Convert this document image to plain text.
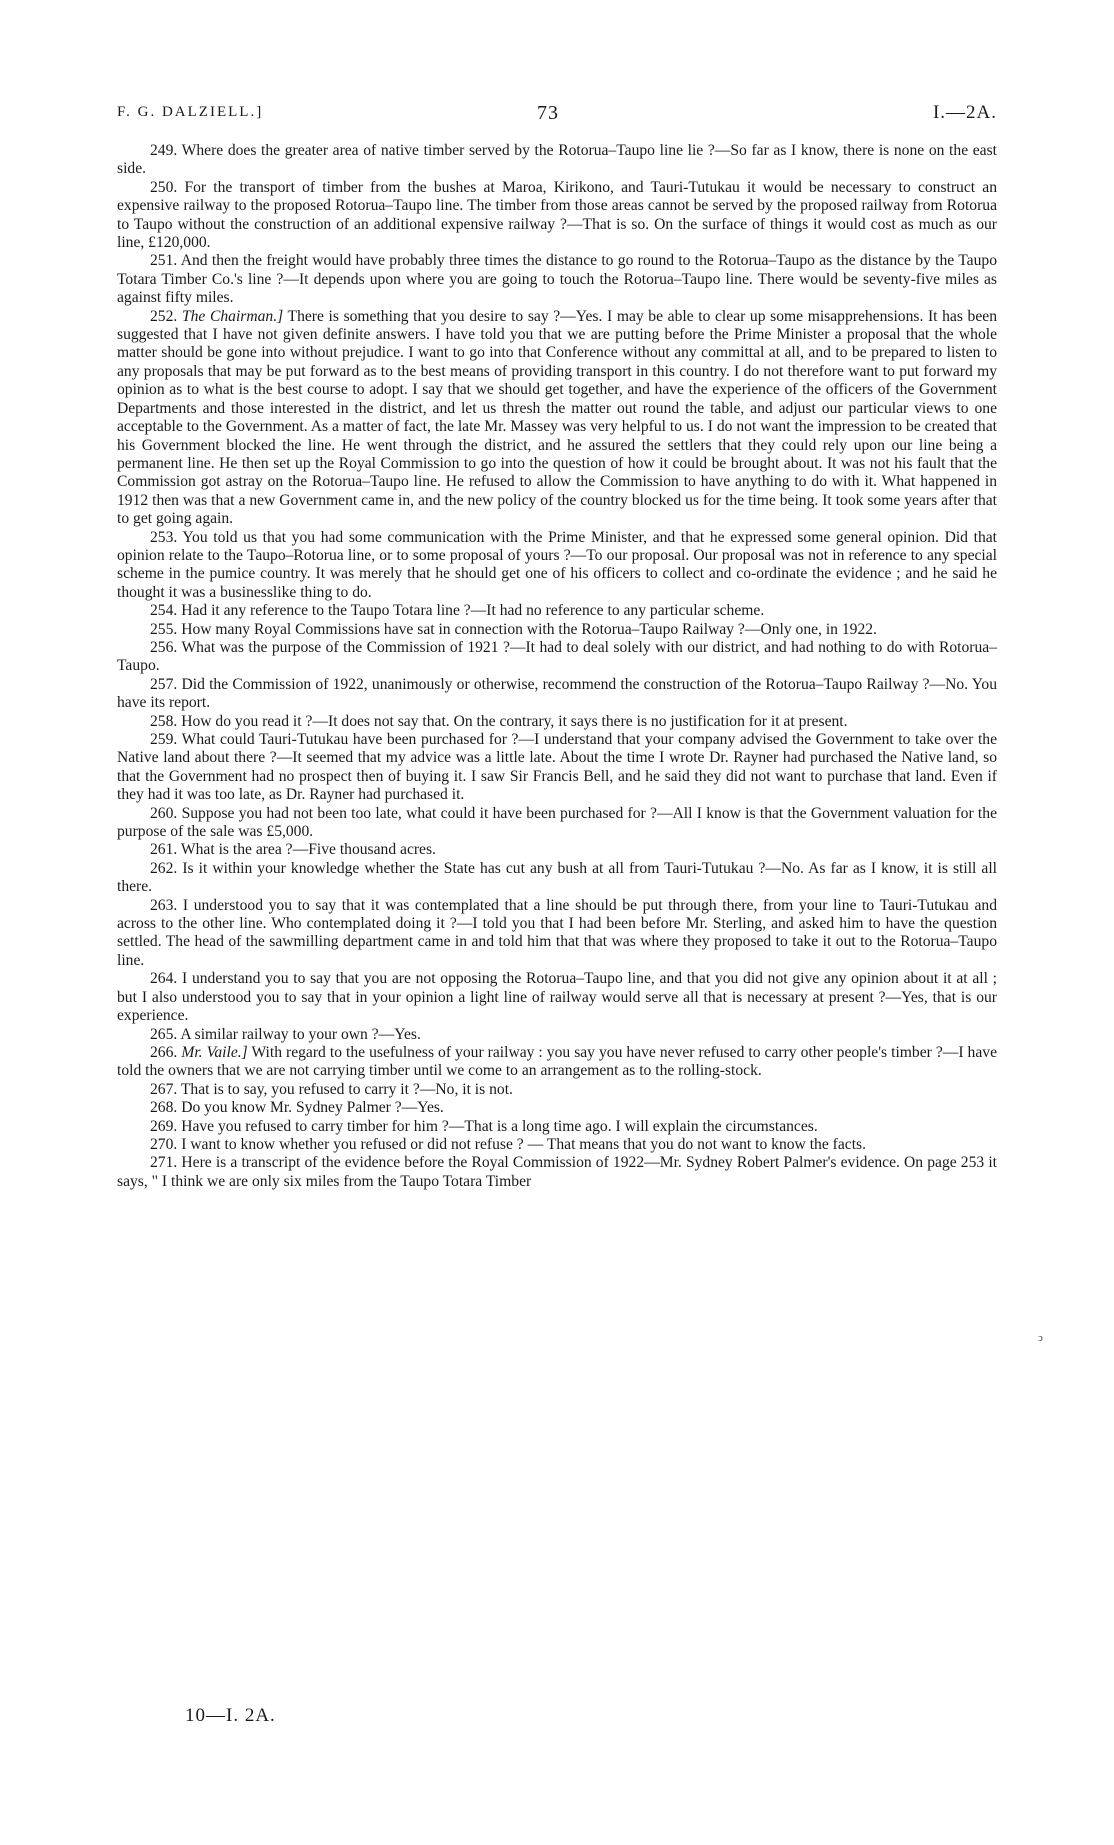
F. G. DALZIELL.]	73	I.—2A.

249. Where does the greater area of native timber served by the Rotorua–Taupo line lie ?—So far as I know, there is none on the east side.

250. For the transport of timber from the bushes at Maroa, Kirikono, and Tauri-Tutukau it would be necessary to construct an expensive railway to the proposed Rotorua–Taupo line. The timber from those areas cannot be served by the proposed railway from Rotorua to Taupo without the construction of an additional expensive railway ?—That is so. On the surface of things it would cost as much as our line, £120,000.

251. And then the freight would have probably three times the distance to go round to the Rotorua–Taupo as the distance by the Taupo Totara Timber Co.'s line ?—It depends upon where you are going to touch the Rotorua–Taupo line. There would be seventy-five miles as against fifty miles.

252. The Chairman.] There is something that you desire to say ?—Yes. I may be able to clear up some misapprehensions. It has been suggested that I have not given definite answers. I have told you that we are putting before the Prime Minister a proposal that the whole matter should be gone into without prejudice. I want to go into that Conference without any committal at all, and to be prepared to listen to any proposals that may be put forward as to the best means of providing transport in this country. I do not therefore want to put forward my opinion as to what is the best course to adopt. I say that we should get together, and have the experience of the officers of the Government Departments and those interested in the district, and let us thresh the matter out round the table, and adjust our particular views to one acceptable to the Government. As a matter of fact, the late Mr. Massey was very helpful to us. I do not want the impression to be created that his Government blocked the line. He went through the district, and he assured the settlers that they could rely upon our line being a permanent line. He then set up the Royal Commission to go into the question of how it could be brought about. It was not his fault that the Commission got astray on the Rotorua–Taupo line. He refused to allow the Commission to have anything to do with it. What happened in 1912 then was that a new Government came in, and the new policy of the country blocked us for the time being. It took some years after that to get going again.

253. You told us that you had some communication with the Prime Minister, and that he expressed some general opinion. Did that opinion relate to the Taupo–Rotorua line, or to some proposal of yours ?—To our proposal. Our proposal was not in reference to any special scheme in the pumice country. It was merely that he should get one of his officers to collect and co-ordinate the evidence ; and he said he thought it was a businesslike thing to do.

254. Had it any reference to the Taupo Totara line ?—It had no reference to any particular scheme.

255. How many Royal Commissions have sat in connection with the Rotorua–Taupo Railway ?—Only one, in 1922.

256. What was the purpose of the Commission of 1921 ?—It had to deal solely with our district, and had nothing to do with Rotorua–Taupo.

257. Did the Commission of 1922, unanimously or otherwise, recommend the construction of the Rotorua–Taupo Railway ?—No. You have its report.

258. How do you read it ?—It does not say that. On the contrary, it says there is no justification for it at present.

259. What could Tauri-Tutukau have been purchased for ?—I understand that your company advised the Government to take over the Native land about there ?—It seemed that my advice was a little late. About the time I wrote Dr. Rayner had purchased the Native land, so that the Government had no prospect then of buying it. I saw Sir Francis Bell, and he said they did not want to purchase that land. Even if they had it was too late, as Dr. Rayner had purchased it.

260. Suppose you had not been too late, what could it have been purchased for ?—All I know is that the Government valuation for the purpose of the sale was £5,000.

261. What is the area ?—Five thousand acres.

262. Is it within your knowledge whether the State has cut any bush at all from Tauri-Tutukau ?—No. As far as I know, it is still all there.

263. I understood you to say that it was contemplated that a line should be put through there, from your line to Tauri-Tutukau and across to the other line. Who contemplated doing it ?—I told you that I had been before Mr. Sterling, and asked him to have the question settled. The head of the sawmilling department came in and told him that that was where they proposed to take it out to the Rotorua–Taupo line.

264. I understand you to say that you are not opposing the Rotorua–Taupo line, and that you did not give any opinion about it at all ; but I also understood you to say that in your opinion a light line of railway would serve all that is necessary at present ?—Yes, that is our experience.

265. A similar railway to your own ?—Yes.

266. Mr. Vaile.] With regard to the usefulness of your railway : you say you have never refused to carry other people's timber ?—I have told the owners that we are not carrying timber until we come to an arrangement as to the rolling-stock.

267. That is to say, you refused to carry it ?—No, it is not.

268. Do you know Mr. Sydney Palmer ?—Yes.

269. Have you refused to carry timber for him ?—That is a long time ago. I will explain the circumstances.

270. I want to know whether you refused or did not refuse ? — That means that you do not want to know the facts.

271. Here is a transcript of the evidence before the Royal Commission of 1922—Mr. Sydney Robert Palmer's evidence. On page 253 it says, " I think we are only six miles from the Taupo Totara Timber

10—I. 2A.
ↄ
